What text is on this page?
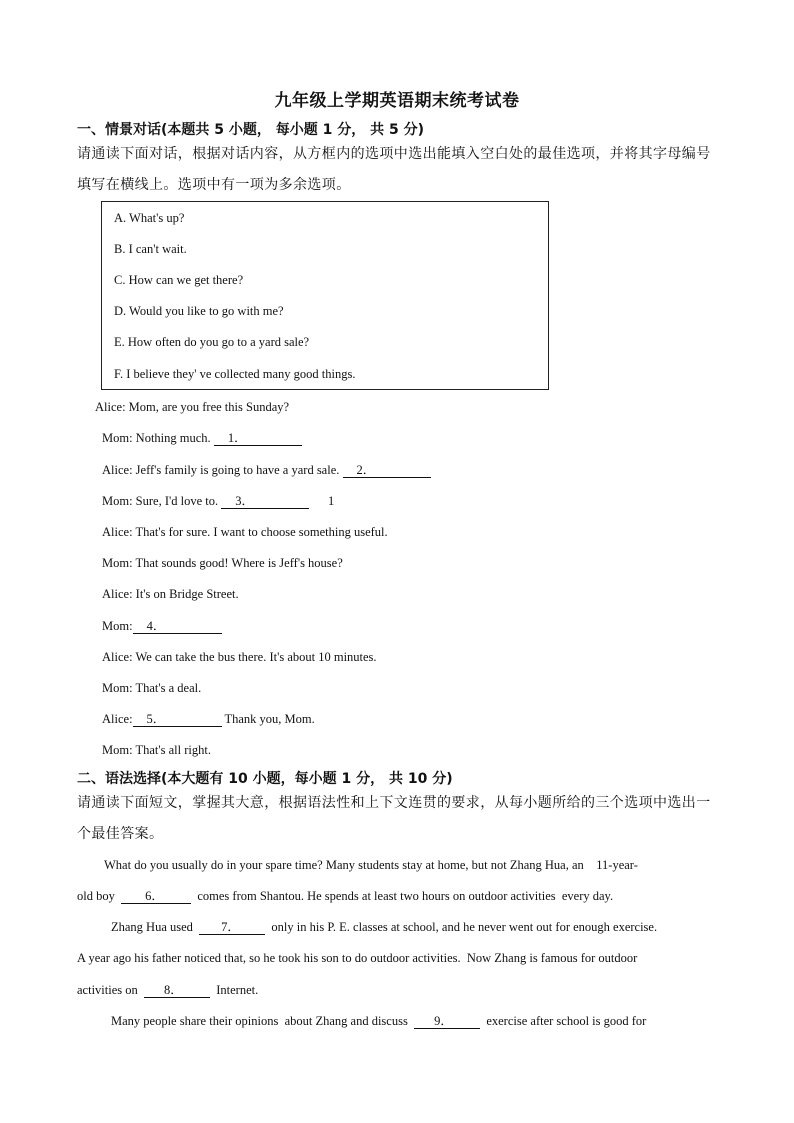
九年级上学期英语期末统考试卷
一、情景对话(本题共 5 小题， 每小题 1 分， 共 5 分)
请通读下面对话，根据对话内容，从方框内的选项中选出能填入空白处的最佳选项，并将其字母编号
填写在横线上。选项中有一项为多余选项。
A. What's up?
B. I can't wait.
C. How can we get there?
D. Would you like to go with me?
E. How often do you go to a yard sale?
F. I believe they' ve collected many good things.
Alice: Mom, are you free this Sunday?
Mom: Nothing much. 1．
Alice: Jeff's family is going to have a yard sale. 2．
Mom: Sure, I'd love to. 3．	1
Alice: That's for sure. I want to choose something useful.
Mom: That sounds good! Where is Jeff's house?
Alice: It's on Bridge Street.
Mom: 4．
Alice: We can take the bus there. It's about 10 minutes.
Mom: That's a deal.
Alice: 5．	Thank you, Mom.
Mom: That's all right.
二、语法选择(本大题有 10 小题，每小题 1 分， 共 10 分)
请通读下面短文，掌握其大意，根据语法性和上下文连贯的要求，从每小题所给的三个选项中选出一
个最佳答案。
What do you usually do in your spare time? Many students stay at home, but not Zhang Hua, an    11-year-
old boy  6．  comes from Shantou. He spends at least two hours on outdoor activities  every day.
Zhang Hua used  7．  only in his P. E. classes at school, and he never went out for enough exercise.
A year ago his father noticed that, so he took his son to do outdoor activities.  Now Zhang is famous for outdoor
activities on  8．  Internet.
Many people share their opinions  about Zhang and discuss  9．  exercise after school is good for
